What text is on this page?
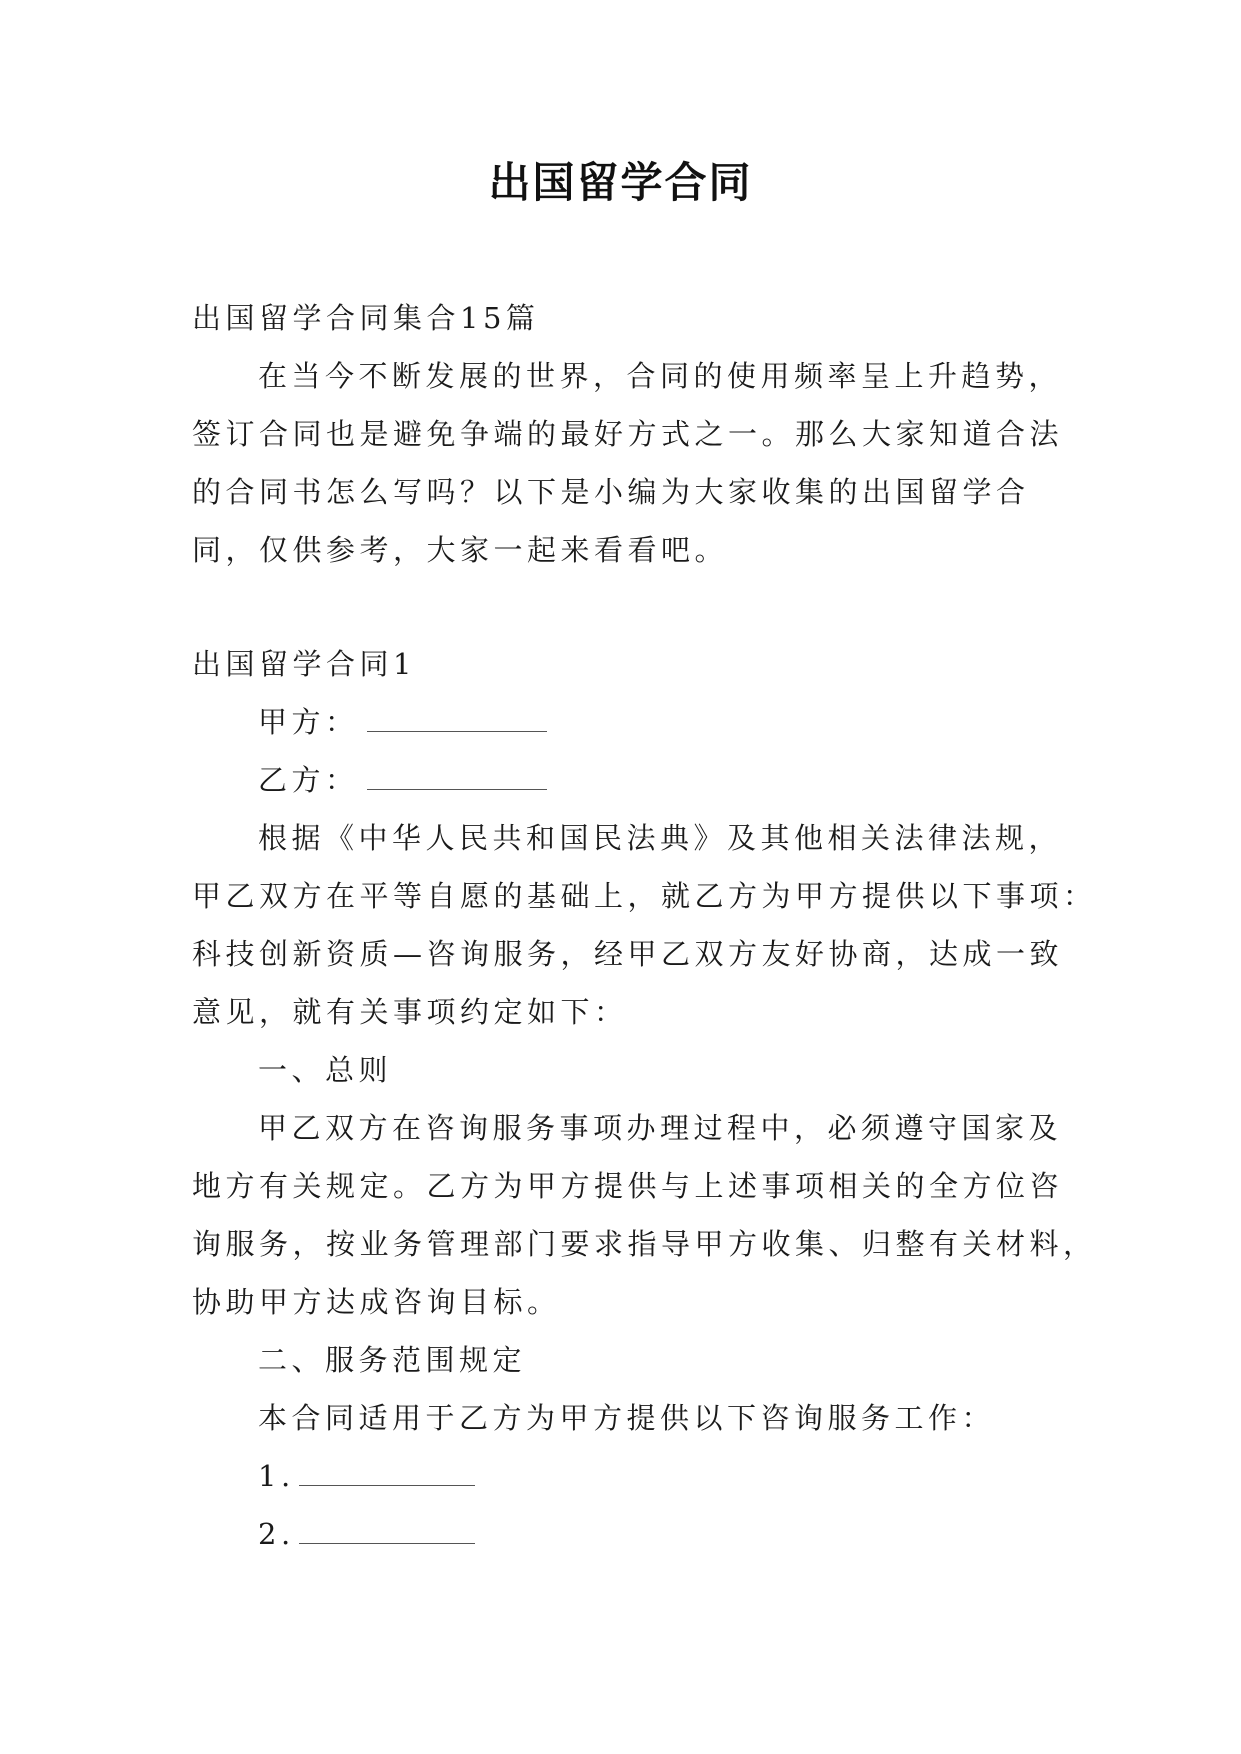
出国留学合同
出国留学合同集合15篇
在当今不断发展的世界，合同的使用频率呈上升趋势，
签订合同也是避免争端的最好方式之一。那么大家知道合法
的合同书怎么写吗？以下是小编为大家收集的出国留学合
同，仅供参考，大家一起来看看吧。
出国留学合同1
甲方：
乙方：
根据《中华人民共和国民法典》及其他相关法律法规，
甲乙双方在平等自愿的基础上，就乙方为甲方提供以下事项：
科技创新资质—咨询服务，经甲乙双方友好协商，达成一致
意见，就有关事项约定如下：
一、总则
甲乙双方在咨询服务事项办理过程中，必须遵守国家及
地方有关规定。乙方为甲方提供与上述事项相关的全方位咨
询服务，按业务管理部门要求指导甲方收集、归整有关材料，
协助甲方达成咨询目标。
二、服务范围规定
本合同适用于乙方为甲方提供以下咨询服务工作：
1.
2.
